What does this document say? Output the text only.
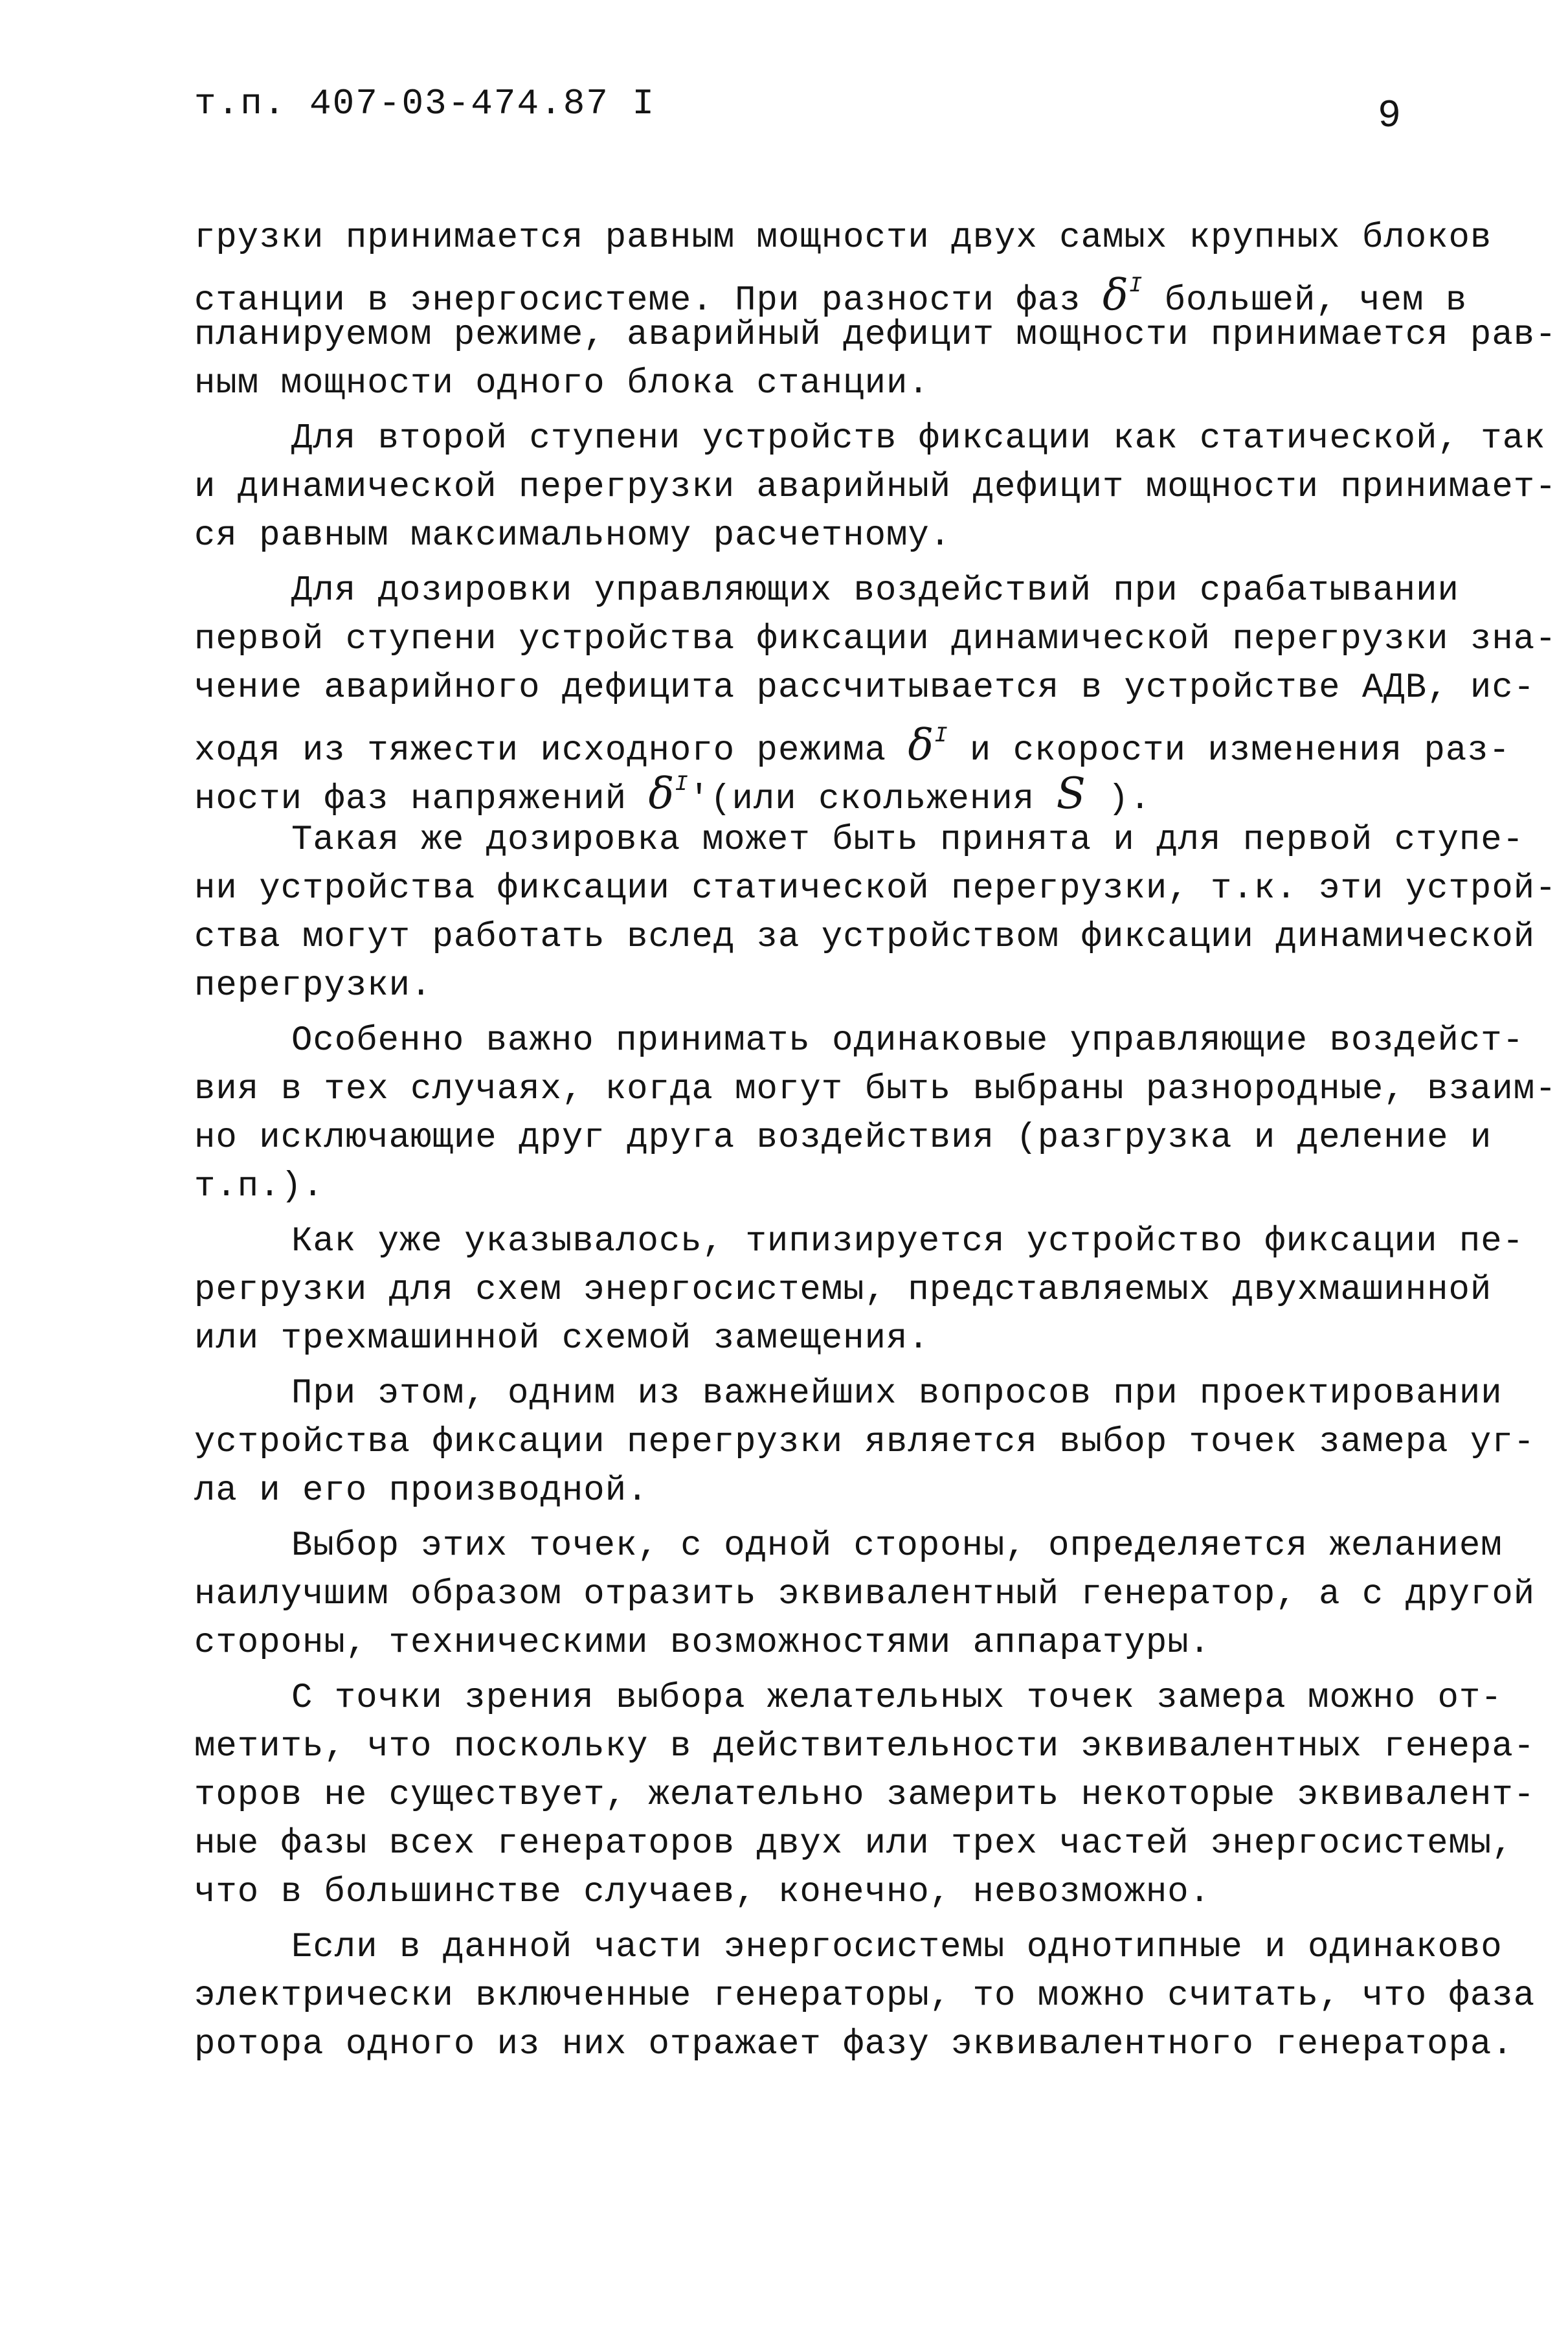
т.п. 407-03-474.87 I	9
грузки принимается равным мощности двух самых крупных блоков
станции в энергосистеме. При разности фаз $\delta^I$ большей, чем в
планируемом режиме, аварийный дефицит мощности принимается рав-
ным мощности одного блока станции.
Для второй ступени устройств фиксации как статической, так
и динамической перегрузки аварийный дефицит мощности принимает-
ся равным максимальному расчетному.
Для дозировки управляющих воздействий при срабатывании
первой ступени устройства фиксации динамической перегрузки зна-
чение аварийного дефицита рассчитывается в устройстве АДВ, ис-
ходя из тяжести исходного режима $\delta^I$ и скорости изменения раз-
ности фаз напряжений $\delta^I'(или$ скольжения S ).
Такая же дозировка может быть принята и для первой ступе-
ни устройства фиксации статической перегрузки, т.к. эти устрой-
ства могут работать вслед за устройством фиксации динамической
перегрузки.
Особенно важно принимать одинаковые управляющие воздейст-
вия в тех случаях, когда могут быть выбраны разнородные, взаим-
но исключающие друг друга воздействия (разгрузка и деление и
т.п.).
Как уже указывалось, типизируется устройство фиксации пе-
регрузки для схем энергосистемы, представляемых двухмашинной
или трехмашинной схемой замещения.
При этом, одним из важнейших вопросов при проектировании
устройства фиксации перегрузки является выбор точек замера уг-
ла и его производной.
Выбор этих точек, с одной стороны, определяется желанием
наилучшим образом отразить эквивалентный генератор, а с другой
стороны, техническими возможностями аппаратуры.
С точки зрения выбора желательных точек замера можно от-
метить, что поскольку в действительности эквивалентных генера-
торов не существует, желательно замерить некоторые эквивалент-
ные фазы всех генераторов двух или трех частей энергосистемы,
что в большинстве случаев, конечно, невозможно.
Если в данной части энергосистемы однотипные и одинаково
электрически включенные генераторы, то можно считать, что фаза
ротора одного из них отражает фазу эквивалентного генератора.
